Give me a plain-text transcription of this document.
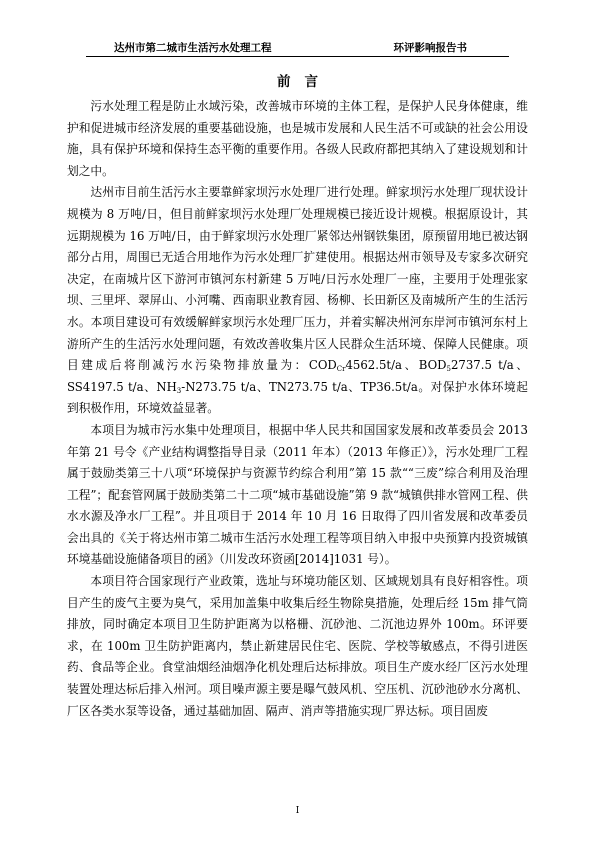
达州市第二城市生活污水处理工程	环评影响报告书
前言

污水处理工程是防止水域污染，改善城市环境的主体工程，是保护人民身体健康，维护和促进城市经济发展的重要基础设施，也是城市发展和人民生活不可或缺的社会公用设施，具有保护环境和保持生态平衡的重要作用。各级人民政府都把其纳入了建设规划和计划之中。

达州市目前生活污水主要靠鲜家坝污水处理厂进行处理。鲜家坝污水处理厂现状设计规模为 8 万吨/日，但目前鲜家坝污水处理厂处理规模已接近设计规模。根据原设计，其远期规模为 16 万吨/日，由于鲜家坝污水处理厂紧邻达州钢铁集团，原预留用地已被达钢部分占用，周围已无适合用地作为污水处理厂扩建使用。根据达州市领导及专家多次研究决定，在南城片区下游河市镇河东村新建 5 万吨/日污水处理厂一座，主要用于处理张家坝、三里坪、翠屏山、小河嘴、西南职业教育园、杨柳、长田新区及南城所产生的生活污水。本项目建设可有效缓解鲜家坝污水处理厂压力，并着实解决州河东岸河市镇河东村上游所产生的生活污水处理问题，有效改善收集片区人民群众生活环境、保障人民健康。项目建成后将削减污水污染物排放量为：$COD_{Cr}4562.5t/a$、$BOD_52737.5$ t/a、SS4197.5 t/a、$NH_3-N273.75$ t/a、TN273.75 t/a、TP36.5t/a。对保护水体环境起到积极作用，环境效益显著。

本项目为城市污水集中处理项目，根据中华人民共和国国家发展和改革委员会 2013 年第 21 号令《产业结构调整指导目录（2011 年本）（2013 年修正）》，污水处理厂工程属于鼓励类第三十八项“环境保护与资源节约综合利用”第 15 款““三废”综合利用及治理工程”；配套管网属于鼓励类第二十二项“城市基础设施”第 9 款“城镇供排水管网工程、供水水源及净水厂工程”。并且项目于 2014 年 10 月 16 日取得了四川省发展和改革委员会出具的《关于将达州市第二城市生活污水处理工程等项目纳入申报中央预算内投资城镇环境基础设施储备项目的函》（川发改环资函[2014]1031 号）。

本项目符合国家现行产业政策，选址与环境功能区划、区域规划具有良好相容性。项目产生的废气主要为臭气，采用加盖集中收集后经生物除臭措施，处理后经 15m 排气筒排放，同时确定本项目卫生防护距离为以格栅、沉砂池、二沉池边界外 100m。环评要求，在 100m 卫生防护距离内，禁止新建居民住宅、医院、学校等敏感点，不得引进医药、食品等企业。食堂油烟经油烟净化机处理后达标排放。项目生产废水经厂区污水处理装置处理达标后排入州河。项目噪声源主要是曝气鼓风机、空压机、沉砂池砂水分离机、厂区各类水泵等设备，通过基础加固、隔声、消声等措施实现厂界达标。项目固废

I
